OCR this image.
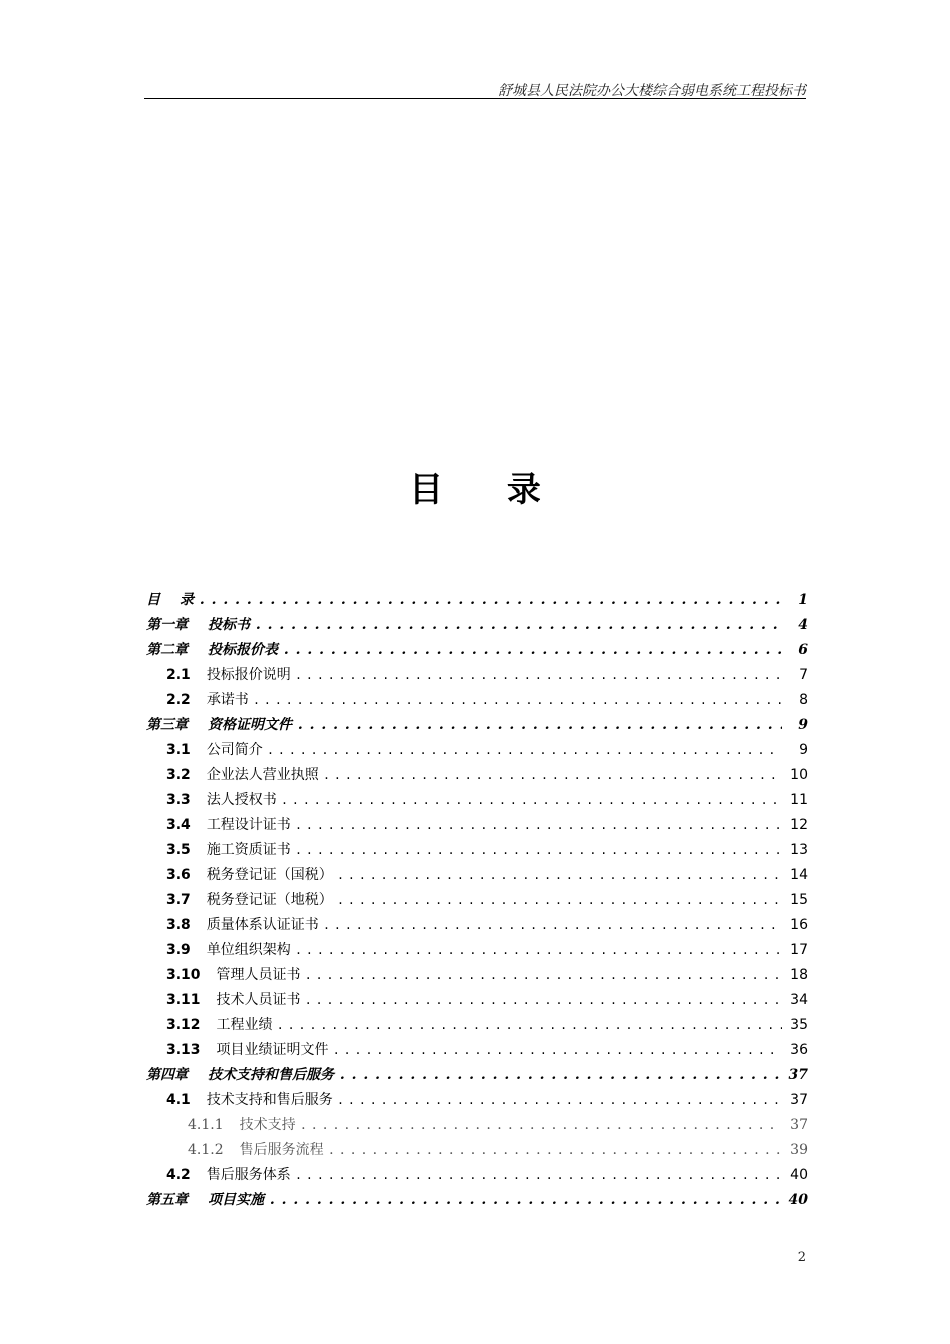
舒城县人民法院办公大楼综合弱电系统工程投标书
目 录
目 录 . . .	1
第一章 投标书 . . .	4
第二章 投标报价表 . . .	6
2.1 投标报价说明 . . .	7
2.2 承诺书 . . .	8
第三章 资格证明文件 . . .	9
3.1 公司简介 . . .	9
3.2 企业法人营业执照 . . .	10
3.3 法人授权书 . . .	11
3.4 工程设计证书 . . .	12
3.5 施工资质证书 . . .	13
3.6 税务登记证（国税） . . .	14
3.7 税务登记证（地税） . . .	15
3.8 质量体系认证证书 . . .	16
3.9 单位组织架构 . . .	17
3.10 管理人员证书 . . .	18
3.11 技术人员证书 . . .	34
3.12 工程业绩 . . .	35
3.13 项目业绩证明文件 . . .	36
第四章 技术支持和售后服务 . . .	37
4.1 技术支持和售后服务 . . .	37
4.1.1 技术支持 . . .	37
4.1.2 售后服务流程 . . .	39
4.2 售后服务体系 . . .	40
第五章 项目实施 . . .	40
2
